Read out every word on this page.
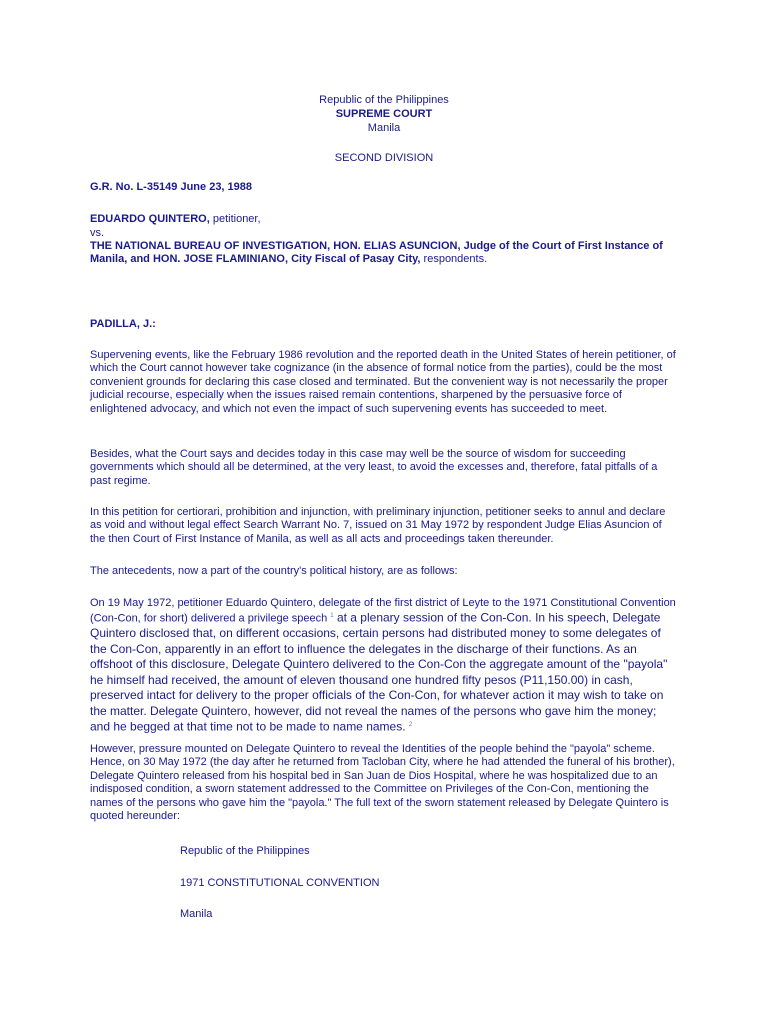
Republic of the Philippines
SUPREME COURT
Manila
SECOND DIVISION
G.R. No. L-35149 June 23, 1988
EDUARDO QUINTERO, petitioner,
vs.
THE NATIONAL BUREAU OF INVESTIGATION, HON. ELIAS ASUNCION, Judge of the Court of First Instance of Manila, and HON. JOSE FLAMINIANO, City Fiscal of Pasay City, respondents.
PADILLA, J.:
Supervening events, like the February 1986 revolution and the reported death in the United States of herein petitioner, of which the Court cannot however take cognizance (in the absence of formal notice from the parties), could be the most convenient grounds for declaring this case closed and terminated. But the convenient way is not necessarily the proper judicial recourse, especially when the issues raised remain contentions, sharpened by the persuasive force of enlightened advocacy, and which not even the impact of such supervening events has succeeded to meet.
Besides, what the Court says and decides today in this case may well be the source of wisdom for succeeding governments which should all be determined, at the very least, to avoid the excesses and, therefore, fatal pitfalls of a past regime.
In this petition for certiorari, prohibition and injunction, with preliminary injunction, petitioner seeks to annul and declare as void and without legal effect Search Warrant No. 7, issued on 31 May 1972 by respondent Judge Elias Asuncion of the then Court of First Instance of Manila, as well as all acts and proceedings taken thereunder.
The antecedents, now a part of the country's political history, are as follows:
On 19 May 1972, petitioner Eduardo Quintero, delegate of the first district of Leyte to the 1971 Constitutional Convention (Con-Con, for short) delivered a privilege speech $^1$ at a plenary session of the Con-Con. In his speech, Delegate Quintero disclosed that, on different occasions, certain persons had distributed money to some delegates of the Con-Con, apparently in an effort to influence the delegates in the discharge of their functions. As an offshoot of this disclosure, Delegate Quintero delivered to the Con-Con the aggregate amount of the "payola" he himself had received, the amount of eleven thousand one hundred fifty pesos (P11,150.00) in cash, preserved intact for delivery to the proper officials of the Con-Con, for whatever action it may wish to take on the matter. Delegate Quintero, however, did not reveal the names of the persons who gave him the money; and he begged at that time not to be made to name names. $^2$
However, pressure mounted on Delegate Quintero to reveal the Identities of the people behind the "payola" scheme. Hence, on 30 May 1972 (the day after he returned from Tacloban City, where he had attended the funeral of his brother), Delegate Quintero released from his hospital bed in San Juan de Dios Hospital, where he was hospitalized due to an indisposed condition, a sworn statement addressed to the Committee on Privileges of the Con-Con, mentioning the names of the persons who gave him the "payola." The full text of the sworn statement released by Delegate Quintero is quoted hereunder:
Republic of the Philippines
1971 CONSTITUTIONAL CONVENTION
Manila
